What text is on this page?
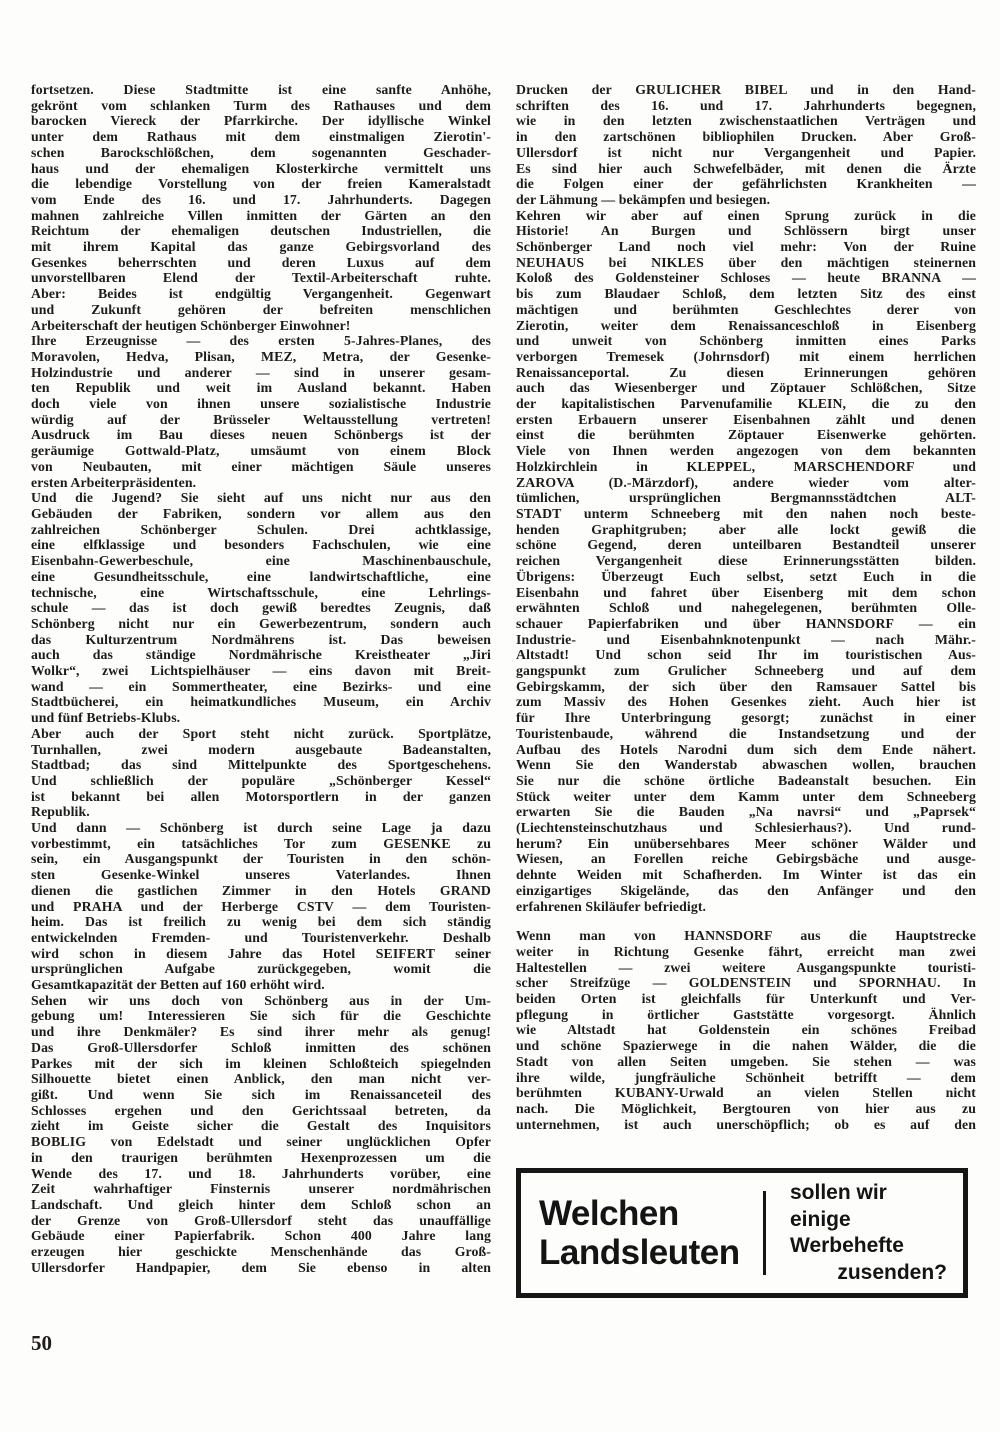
fortsetzen. Diese Stadtmitte ist eine sanfte Anhöhe,
gekrönt vom schlanken Turm des Rathauses und dem
barocken Viereck der Pfarrkirche. Der idyllische Winkel
unter dem Rathaus mit dem einstmaligen Zierotin'-
schen Barockschlößchen, dem sogenannten Geschader-
haus und der ehemaligen Klosterkirche vermittelt uns
die lebendige Vorstellung von der freien Kameralstadt
vom Ende des 16. und 17. Jahrhunderts. Dagegen
mahnen zahlreiche Villen inmitten der Gärten an den
Reichtum der ehemaligen deutschen Industriellen, die
mit ihrem Kapital das ganze Gebirgsvorland des
Gesenkes beherrschten und deren Luxus auf dem
unvorstellbaren Elend der Textil-Arbeiterschaft ruhte.
Aber: Beides ist endgültig Vergangenheit. Gegenwart
und Zukunft gehören der befreiten menschlichen
Arbeiterschaft der heutigen Schönberger Einwohner!
Ihre Erzeugnisse — des ersten 5-Jahres-Planes, des
Moravolen, Hedva, Plisan, MEZ, Metra, der Gesenke-
Holzindustrie und anderer — sind in unserer gesam-
ten Republik und weit im Ausland bekannt. Haben
doch viele von ihnen unsere sozialistische Industrie
würdig auf der Brüsseler Weltausstellung vertreten!
Ausdruck im Bau dieses neuen Schönbergs ist der
geräumige Gottwald-Platz, umsäumt von einem Block
von Neubauten, mit einer mächtigen Säule unseres
ersten Arbeiterpräsidenten.
Und die Jugend? Sie sieht auf uns nicht nur aus den
Gebäuden der Fabriken, sondern vor allem aus den
zahlreichen Schönberger Schulen. Drei achtklassige,
eine elfklassige und besonders Fachschulen, wie eine
Eisenbahn-Gewerbeschule, eine Maschinenbauschule,
eine Gesundheitsschule, eine landwirtschaftliche, eine
technische, eine Wirtschaftsschule, eine Lehrlings-
schule — das ist doch gewiß beredtes Zeugnis, daß
Schönberg nicht nur ein Gewerbezentrum, sondern auch
das Kulturzentrum Nordmährens ist. Das beweisen
auch das ständige Nordmährische Kreistheater „Jiri
Wolkr“, zwei Lichtspielhäuser — eins davon mit Breit-
wand — ein Sommertheater, eine Bezirks- und eine
Stadtbücherei, ein heimatkundliches Museum, ein Archiv
und fünf Betriebs-Klubs.
Aber auch der Sport steht nicht zurück. Sportplätze,
Turnhallen, zwei modern ausgebaute Badeanstalten,
Stadtbad; das sind Mittelpunkte des Sportgeschehens.
Und schließlich der populäre „Schönberger Kessel“
ist bekannt bei allen Motorsportlern in der ganzen
Republik.
Und dann — Schönberg ist durch seine Lage ja dazu
vorbestimmt, ein tatsächliches Tor zum GESENKE zu
sein, ein Ausgangspunkt der Touristen in den schön-
sten Gesenke-Winkel unseres Vaterlandes. Ihnen
dienen die gastlichen Zimmer in den Hotels GRAND
und PRAHA und der Herberge CSTV — dem Touristen-
heim. Das ist freilich zu wenig bei dem sich ständig
entwickelnden Fremden- und Touristenverkehr. Deshalb
wird schon in diesem Jahre das Hotel SEIFERT seiner
ursprünglichen Aufgabe zurückgegeben, womit die
Gesamtkapazität der Betten auf 160 erhöht wird.
Sehen wir uns doch von Schönberg aus in der Um-
gebung um! Interessieren Sie sich für die Geschichte
und ihre Denkmäler? Es sind ihrer mehr als genug!
Das Groß-Ullersdorfer Schloß inmitten des schönen
Parkes mit der sich im kleinen Schloßteich spiegelnden
Silhouette bietet einen Anblick, den man nicht ver-
gißt. Und wenn Sie sich im Renaissanceteil des
Schlosses ergehen und den Gerichtssaal betreten, da
zieht im Geiste sicher die Gestalt des Inquisitors
BOBLIG von Edelstadt und seiner unglücklichen Opfer
in den traurigen berühmten Hexenprozessen um die
Wende des 17. und 18. Jahrhunderts vorüber, eine
Zeit wahrhaftiger Finsternis unserer nordmährischen
Landschaft. Und gleich hinter dem Schloß schon an
der Grenze von Groß-Ullersdorf steht das unauffällige
Gebäude einer Papierfabrik. Schon 400 Jahre lang
erzeugen hier geschickte Menschenhände das Groß-
Ullersdorfer Handpapier, dem Sie ebenso in alten
Drucken der GRULICHER BIBEL und in den Hand-
schriften des 16. und 17. Jahrhunderts begegnen,
wie in den letzten zwischenstaatlichen Verträgen und
in den zartschönen bibliophilen Drucken. Aber Groß-
Ullersdorf ist nicht nur Vergangenheit und Papier.
Es sind hier auch Schwefelbäder, mit denen die Ärzte
die Folgen einer der gefährlichsten Krankheiten —
der Lähmung — bekämpfen und besiegen.
Kehren wir aber auf einen Sprung zurück in die
Historie! An Burgen und Schlössern birgt unser
Schönberger Land noch viel mehr: Von der Ruine
NEUHAUS bei NIKLES über den mächtigen steinernen
Koloß des Goldensteiner Schloses — heute BRANNA —
bis zum Blaudaer Schloß, dem letzten Sitz des einst
mächtigen und berühmten Geschlechtes derer von
Zierotin, weiter dem Renaissanceschloß in Eisenberg
und unweit von Schönberg inmitten eines Parks
verborgen Tremesek (Johrnsdorf) mit einem herrlichen
Renaissanceportal. Zu diesen Erinnerungen gehören
auch das Wiesenberger und Zöptauer Schlößchen, Sitze
der kapitalistischen Parvenufamilie KLEIN, die zu den
ersten Erbauern unserer Eisenbahnen zählt und denen
einst die berühmten Zöptauer Eisenwerke gehörten.
Viele von Ihnen werden angezogen von dem bekannten
Holzkirchlein in KLEPPEL, MARSCHENDORF und
ZAROVA (D.-Märzdorf), andere wieder vom alter-
tümlichen, ursprünglichen Bergmannsstädtchen ALT-
STADT unterm Schneeberg mit den nahen noch beste-
henden Graphitgruben; aber alle lockt gewiß die
schöne Gegend, deren unteilbaren Bestandteil unserer
reichen Vergangenheit diese Erinnerungsstätten bilden.
Übrigens: Überzeugt Euch selbst, setzt Euch in die
Eisenbahn und fahret über Eisenberg mit dem schon
erwähnten Schloß und nahegelegenen, berühmten Olle-
schauer Papierfabriken und über HANNSDORF — ein
Industrie- und Eisenbahnknotenpunkt — nach Mähr.-
Altstadt! Und schon seid Ihr im touristischen Aus-
gangspunkt zum Grulicher Schneeberg und auf dem
Gebirgskamm, der sich über den Ramsauer Sattel bis
zum Massiv des Hohen Gesenkes zieht. Auch hier ist
für Ihre Unterbringung gesorgt; zunächst in einer
Touristenbaude, während die Instandsetzung und der
Aufbau des Hotels Narodni dum sich dem Ende nähert.
Wenn Sie den Wanderstab abwaschen wollen, brauchen
Sie nur die schöne örtliche Badeanstalt besuchen. Ein
Stück weiter unter dem Kamm unter dem Schneeberg
erwarten Sie die Bauden „Na navrsi“ und „Paprsek“
(Liechtensteinschutzhaus und Schlesierhaus?). Und rund-
herum? Ein unübersehbares Meer schöner Wälder und
Wiesen, an Forellen reiche Gebirgsbäche und ausge-
dehnte Weiden mit Schafherden. Im Winter ist das ein
einzigartiges Skigelände, das den Anfänger und den
erfahrenen Skiläufer befriedigt.
Wenn man von HANNSDORF aus die Hauptstrecke
weiter in Richtung Gesenke fährt, erreicht man zwei
Haltestellen — zwei weitere Ausgangspunkte touristi-
scher Streifzüge — GOLDENSTEIN und SPORNHAU. In
beiden Orten ist gleichfalls für Unterkunft und Ver-
pflegung in örtlicher Gaststätte vorgesorgt. Ähnlich
wie Altstadt hat Goldenstein ein schönes Freibad
und schöne Spazierwege in die nahen Wälder, die die
Stadt von allen Seiten umgeben. Sie stehen — was
ihre wilde, jungfräuliche Schönheit betrifft — dem
berühmten KUBANY-Urwald an vielen Stellen nicht
nach. Die Möglichkeit, Bergtouren von hier aus zu
unternehmen, ist auch unerschöpflich; ob es auf den
Welchen
Landsleuten
sollen wir einige
Werbehefte
zusenden?
50
